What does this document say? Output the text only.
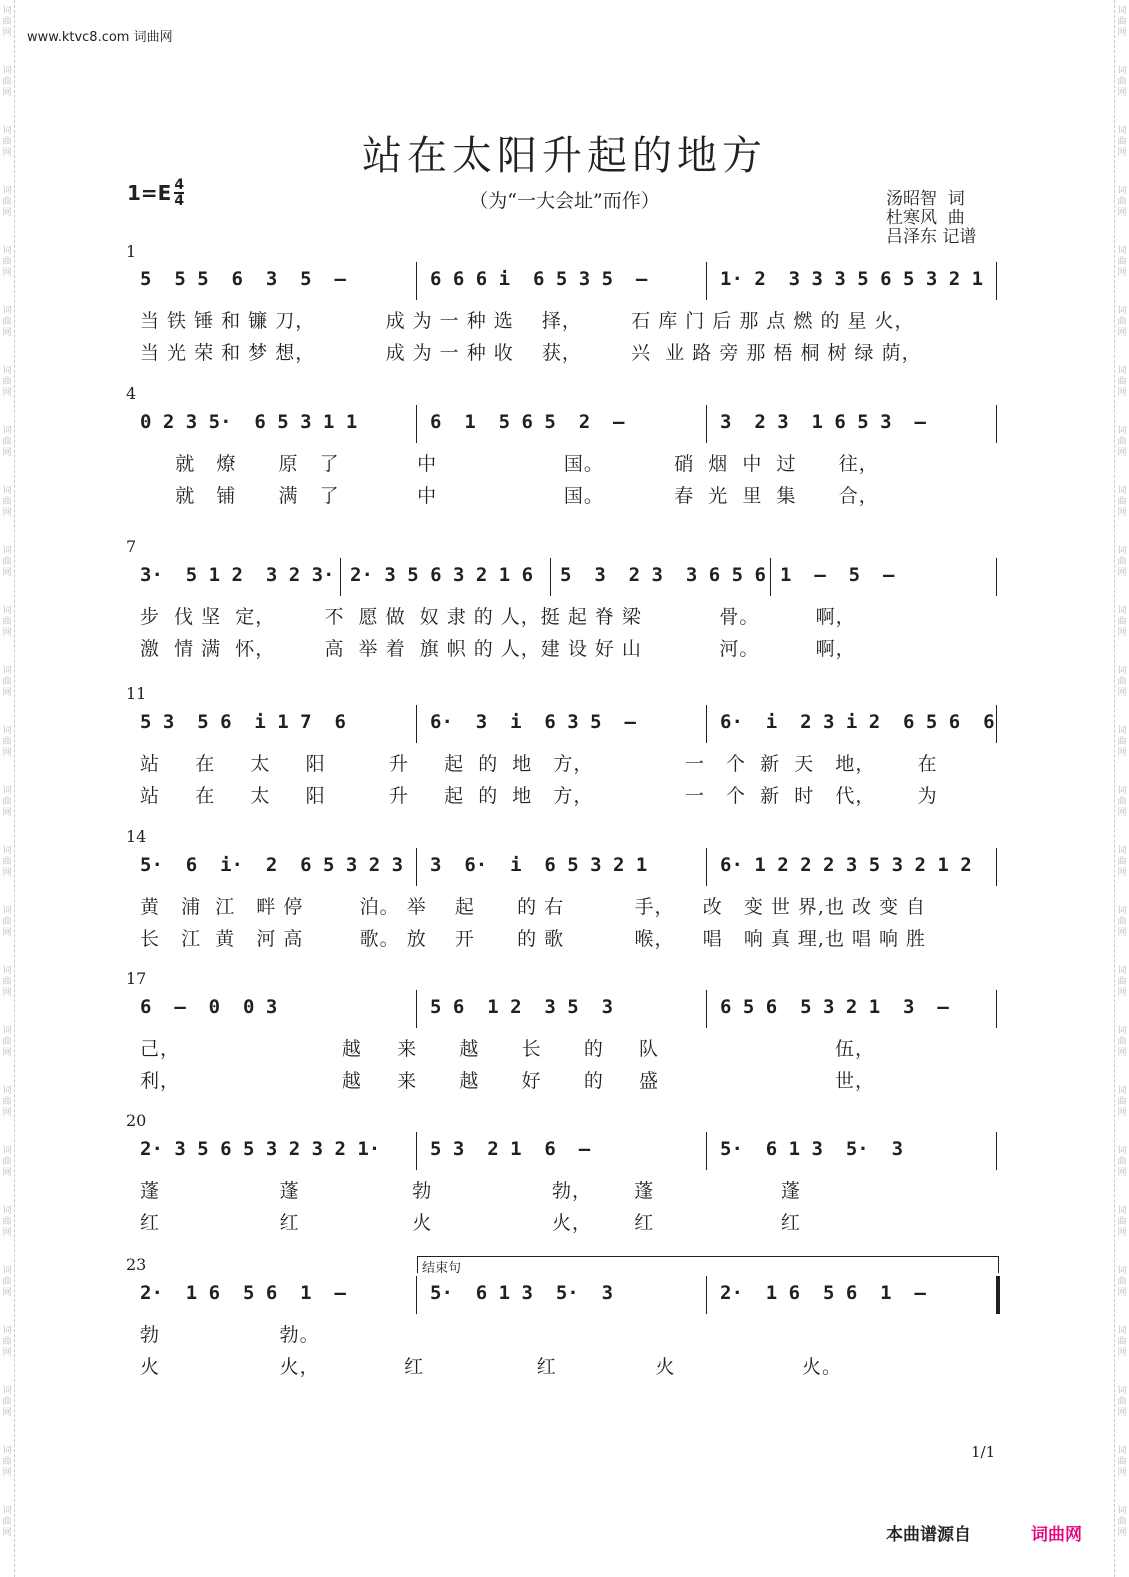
www.ktvc8.com 词曲网
站在太阳升起的地方
（为“一大会址”而作）
1=E 4
4	汤昭智  词
杜寒风  曲
吕泽东 记谱
1
5  5 5  6  3  5  –	6 6 6 i  6 5 3 5  –	1· 2  3 3 3 5 6 5 3 2 1
当 铁 锤 和 镰 刀，          成 为 一 种 选    择，       石 库 门 后 那 点 燃 的 星 火，
当 光 荣 和 梦 想，          成 为 一 种 收    获，       兴  业 路 旁 那 梧 桐 树 绿 荫，
4
0 2 3 5·  6 5 3 1 1	6  1  5 6 5  2  –	3  2 3  1 6 5 3  –
就   燎      原   了           中                  国。          硝  烟  中  过      往，
就   铺      满   了           中                  国。          春  光  里  集      合，
7
3·  5 1 2  3 2 3· 2· 3 5 6 3 2 1 6 5  3  2 3  3 6 5 6 1  –  5  –
步  伐 坚  定，       不  愿 做  奴 隶 的 人，挺 起 脊 梁           骨。        啊，
激  情 满  怀，       高  举 着  旗 帜 的 人，建 设 好 山           河。        啊，
11
5 3  5 6  i 1 7  6	6·  3  i  6 3 5  –	6·  i  2 3 i 2  6 5 6  6
站     在     太     阳         升     起  的  地   方，             一   个  新  天   地，      在
站     在     太     阳         升     起  的  地   方，             一   个  新  时   代，      为
14
5·  6  i·  2  6 5 3 2 3 3  6·  i  6 5 3 2 1	6· 1 2 2 2 3 5 3 2 1 2
黄   浦  江   畔 停        泊。 举    起      的 右          手，    改   变 世 界,也 改 变 自
长   江  黄   河 高        歌。 放    开      的 歌          喉，    唱   响 真 理,也 唱 响 胜
17
6  –  0  0 3	5 6  1 2  3 5  3	6 5 6  5 3 2 1  3  –
己，                       越     来      越      长      的     队                         伍，
利，                       越     来      越      好      的     盛                         世，
20
2· 3 5 6 5 3 2 3 2 1·	5 3  2 1  6  –	5·  6 1 3  5·  3
蓬                 蓬                勃                 勃，      蓬                  蓬
红                 红                火                 火，      红                  红
23
2·  1 6  5 6  1  –	5·  6 1 3  5·  3	2·  1 6  5 6  1  –
勃                 勃。
火                 火，            红                红              火                  火。
结束句
1/1
本曲谱源自	词曲网
词
曲
网
词
曲
网
词
曲
网
词
曲
网
词
曲
网
词
曲
网
词
曲
网
词
曲
网
词
曲
网
词
曲
网
词
曲
网
词
曲
网
词
曲
网
词
曲
网
词
曲
网
词
曲
网
词
曲
网
词
曲
网
词
曲
网
词
曲
网
词
曲
网
词
曲
网
词
曲
网
词
曲
网
词
曲
网
词
曲
网
词
曲
网
词
曲
网
词
曲
网
词
曲
网
词
曲
网
词
曲
网
词
曲
网
词
曲
网
词
曲
网
词
曲
网
词
曲
网
词
曲
网
词
曲
网
词
曲
网
词
曲
网
词
曲
网
词
曲
网
词
曲
网
词
曲
网
词
曲
网
词
曲
网
词
曲
网
词
曲
网
词
曲
网
词
曲
网
词
曲
网
